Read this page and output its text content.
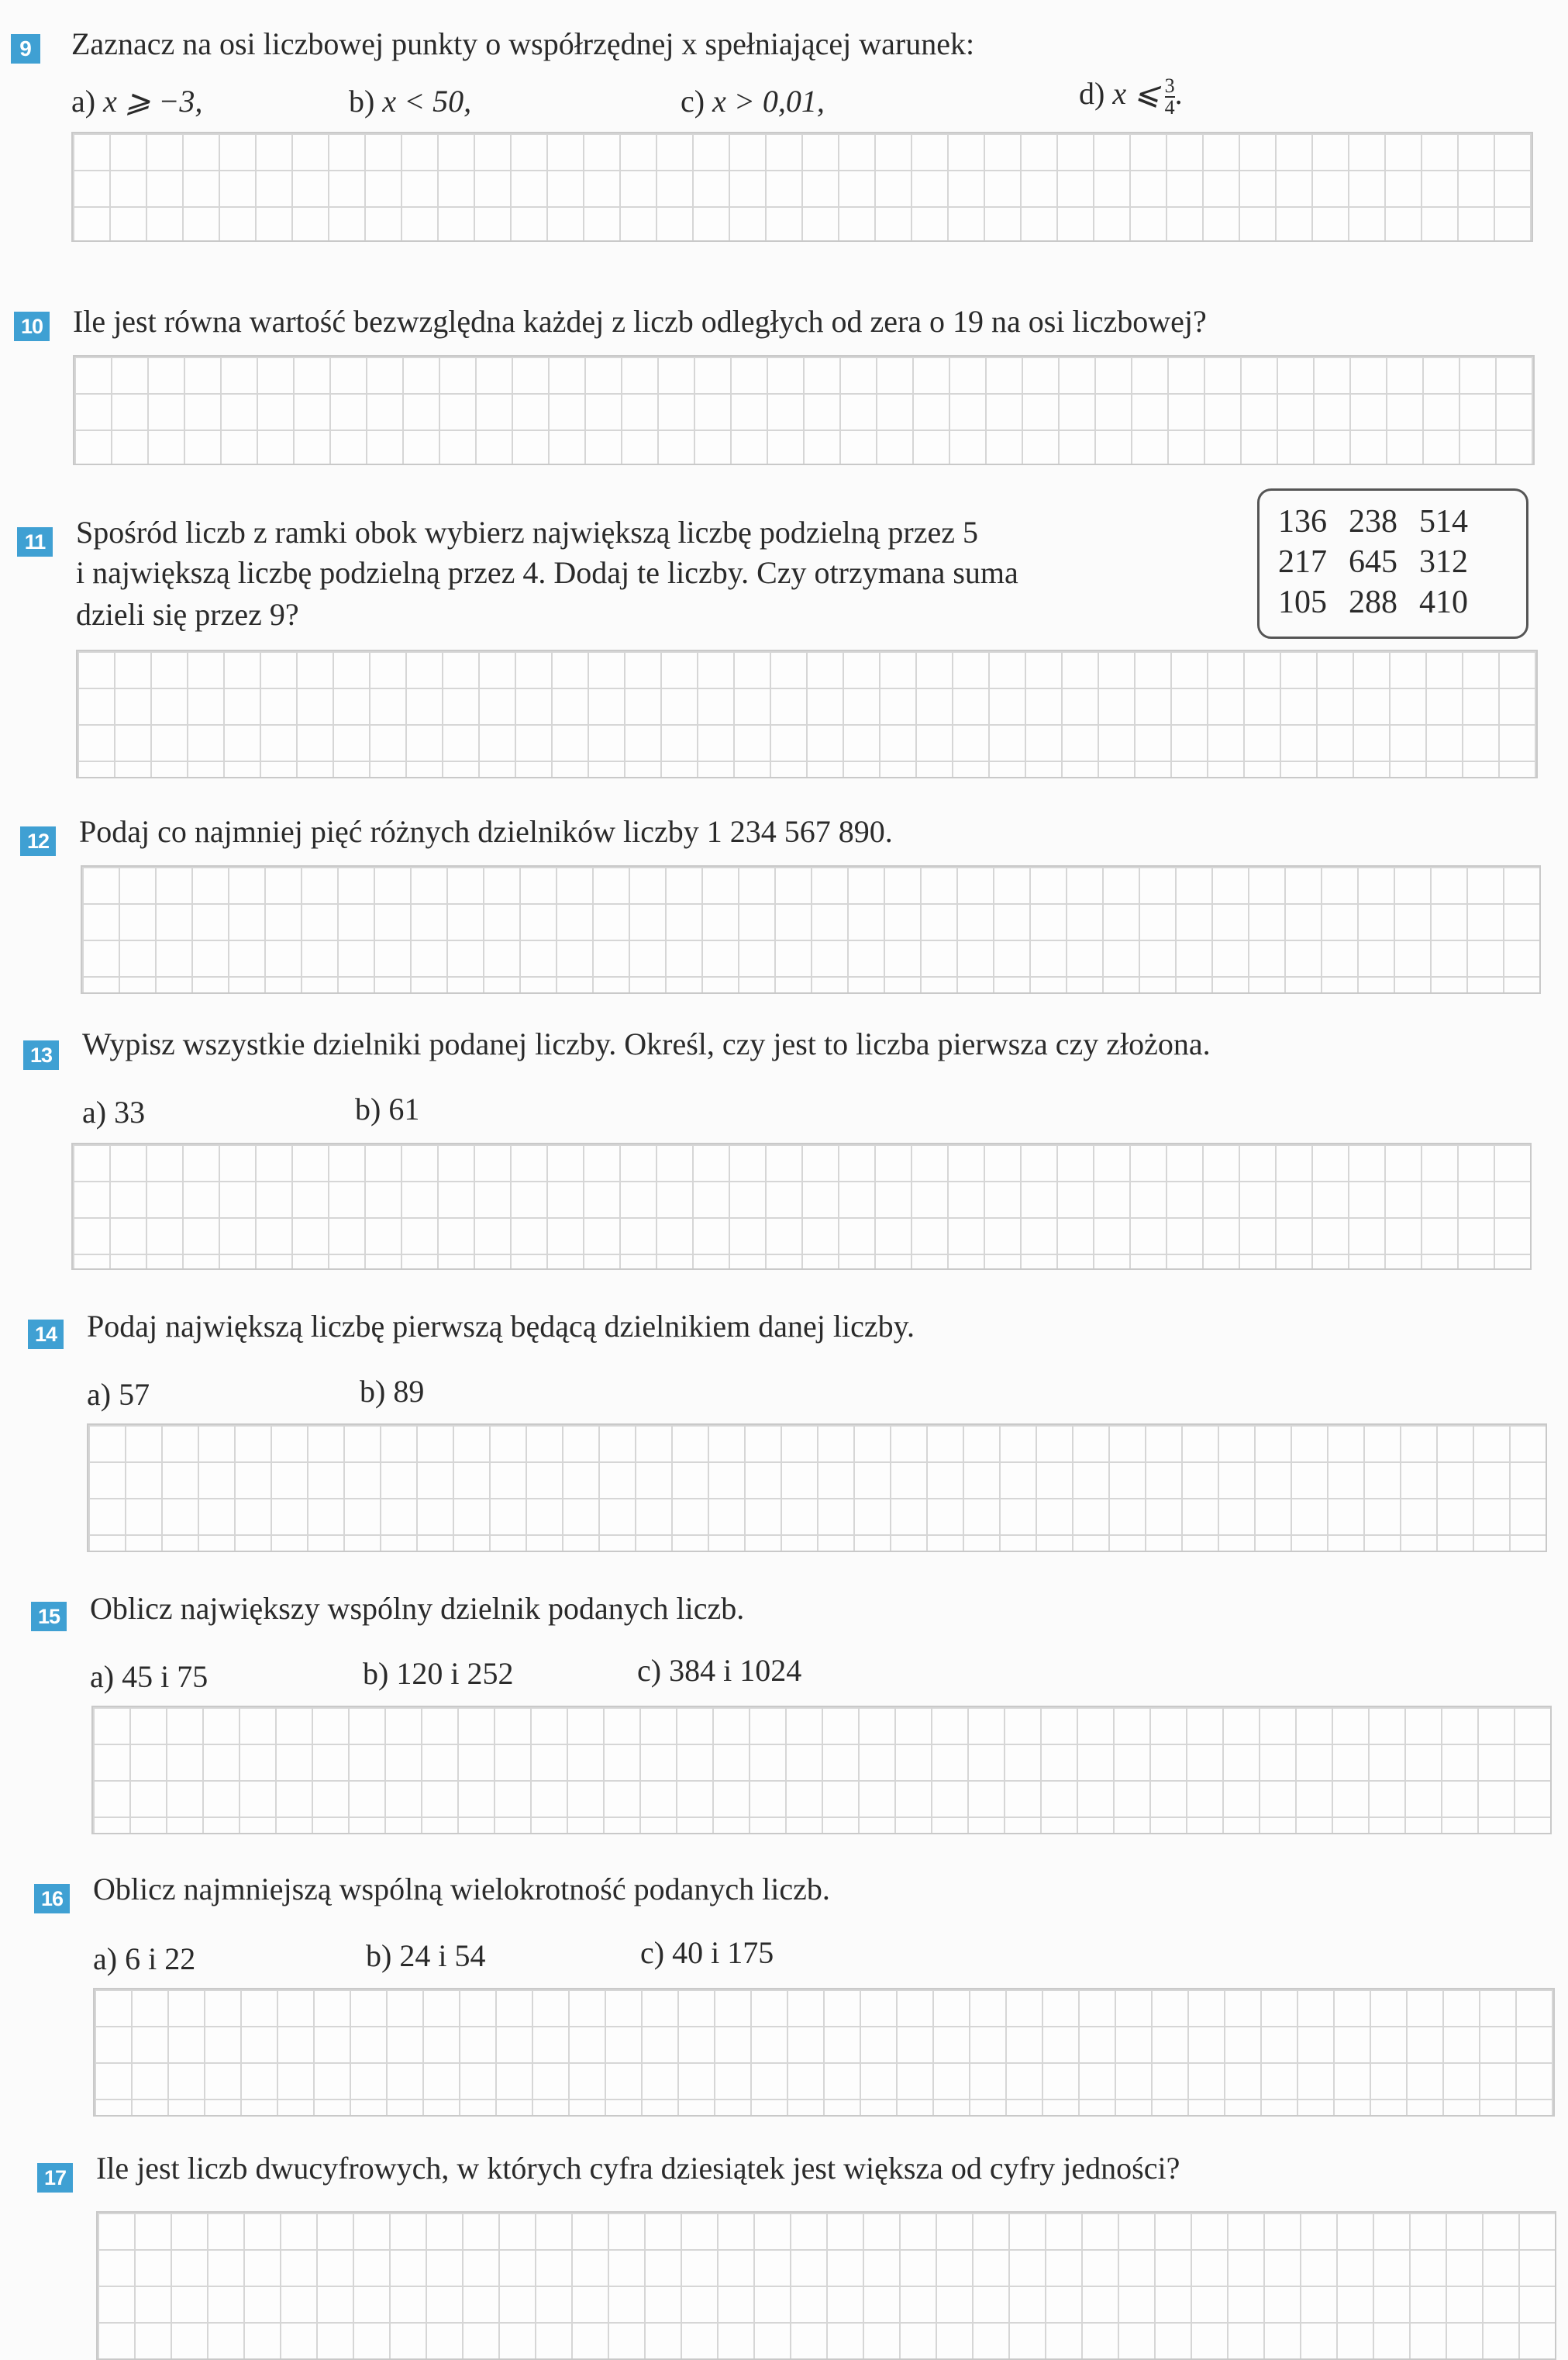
9 Zaznacz na osi liczbowej punkty o współrzędnej x spełniającej warunek:
a) x ⩾ −3,	b) x < 50,	c) x > 0,01,	d) x ⩽ $\frac{3}{4}$ .
10 Ile jest równa wartość bezwzględna każdej z liczb odległych od zera o 19 na osi liczbowej?
11 Spośród liczb z ramki obok wybierz największą liczbę podzielną przez 5
i największą liczbę podzielną przez 4. Dodaj te liczby. Czy otrzymana suma
dzieli się przez 9?
136	238	514
217	645	312
105	288	410
12 Podaj co najmniej pięć różnych dzielników liczby 1 234 567 890.
13 Wypisz wszystkie dzielniki podanej liczby. Określ, czy jest to liczba pierwsza czy złożona.
a) 33	b) 61
14 Podaj największą liczbę pierwszą będącą dzielnikiem danej liczby.
a) 57	b) 89
15 Oblicz największy wspólny dzielnik podanych liczb.
a) 45 i 75	b) 120 i 252	c) 384 i 1024
16 Oblicz najmniejszą wspólną wielokrotność podanych liczb.
a) 6 i 22	b) 24 i 54	c) 40 i 175
17 Ile jest liczb dwucyfrowych, w których cyfra dziesiątek jest większa od cyfry jedności?
